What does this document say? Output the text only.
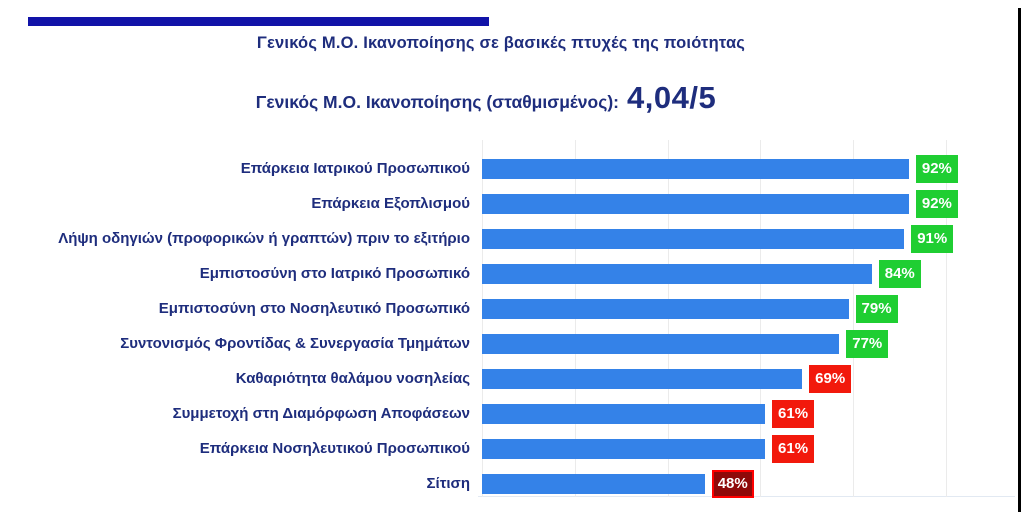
Γενικός Μ.Ο. Ικανοποίησης σε βασικές πτυχές της ποιότητας
Γενικός Μ.Ο. Ικανοποίησης (σταθμισμένος): 4,04/5
Επάρκεια Ιατρικού Προσωπικού	92%
Επάρκεια Εξοπλισμού	92%
Λήψη οδηγιών (προφορικών ή γραπτών) πριν το εξιτήριο	91%
Εμπιστοσύνη στο Ιατρικό Προσωπικό	84%
Εμπιστοσύνη στο Νοσηλευτικό Προσωπικό	79%
Συντονισμός Φροντίδας & Συνεργασία Τμημάτων	77%
Καθαριότητα θαλάμου νοσηλείας	69%
Συμμετοχή στη Διαμόρφωση Αποφάσεων	61%
Επάρκεια Νοσηλευτικού Προσωπικού	61%
Σίτιση	48%
